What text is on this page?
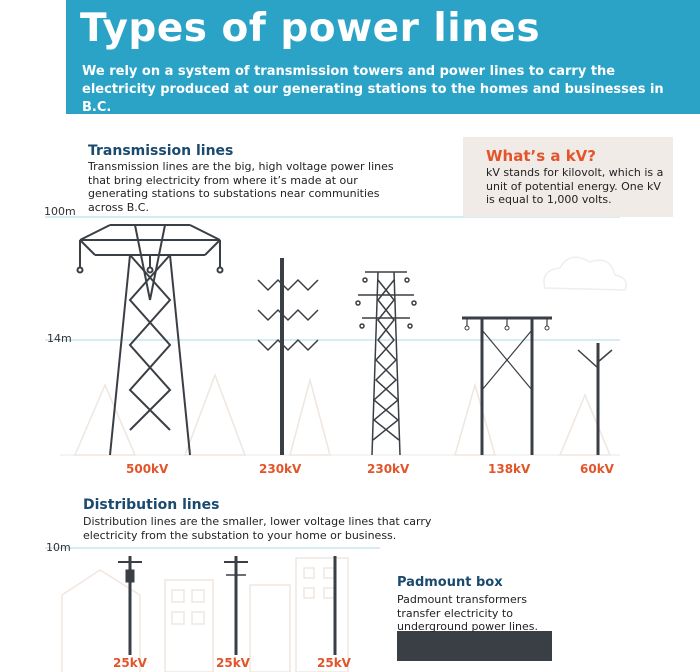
Types of power lines
We rely on a system of transmission towers and power lines to carry the electricity produced at our generating stations to the homes and businesses in B.C.
Transmission lines
Transmission lines are the big, high voltage power lines that bring electricity from where it’s made at our generating stations to substations near communities across B.C.
What’s a kV?
kV stands for kilovolt, which is a unit of potential energy. One kV is equal to 1,000 volts.
100m
14m
10m
500kV	230kV	230kV	138kV	60kV
Distribution lines
Distribution lines are the smaller, lower voltage lines that carry electricity from the substation to your home or business.
25kV	25kV	25kV
Padmount box
Padmount transformers transfer electricity to underground power lines.
